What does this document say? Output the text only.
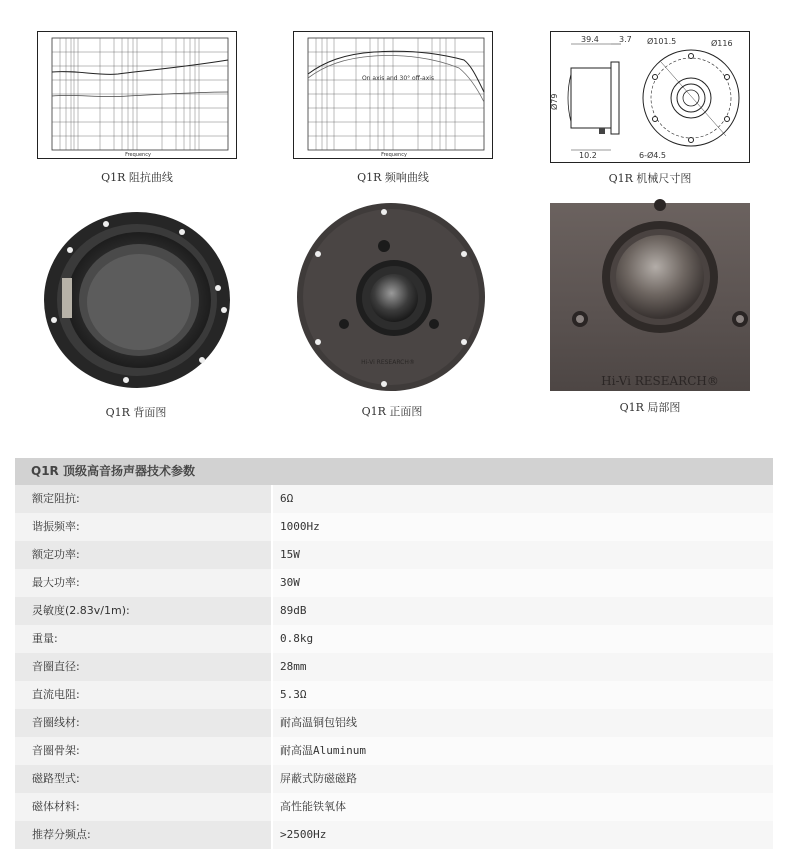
Frequency
Q1R 阻抗曲线
On axis and 30° off-axis
Frequency
Q1R 频响曲线
39.4	3.7
Ø79
10.2
Ø101.5	Ø116
6-Ø4.5
Q1R 机械尺寸图
Q1R 背面图
Hi-Vi RESEARCH®
Q1R 正面图
Hi-Vi RESEARCH®
Q1R 局部图
Q1R 顶级高音扬声器技术参数
额定阻抗:	6Ω
谐振频率:	1000Hz
额定功率:	15W
最大功率:	30W
灵敏度(2.83v/1m):	89dB
重量:	0.8kg
音圈直径:	28mm
直流电阻:	5.3Ω
音圈线材:	耐高温铜包铝线
音圈骨架:	耐高温Aluminum
磁路型式:	屏蔽式防磁磁路
磁体材料:	高性能铁氧体
推荐分频点:	>2500Hz
